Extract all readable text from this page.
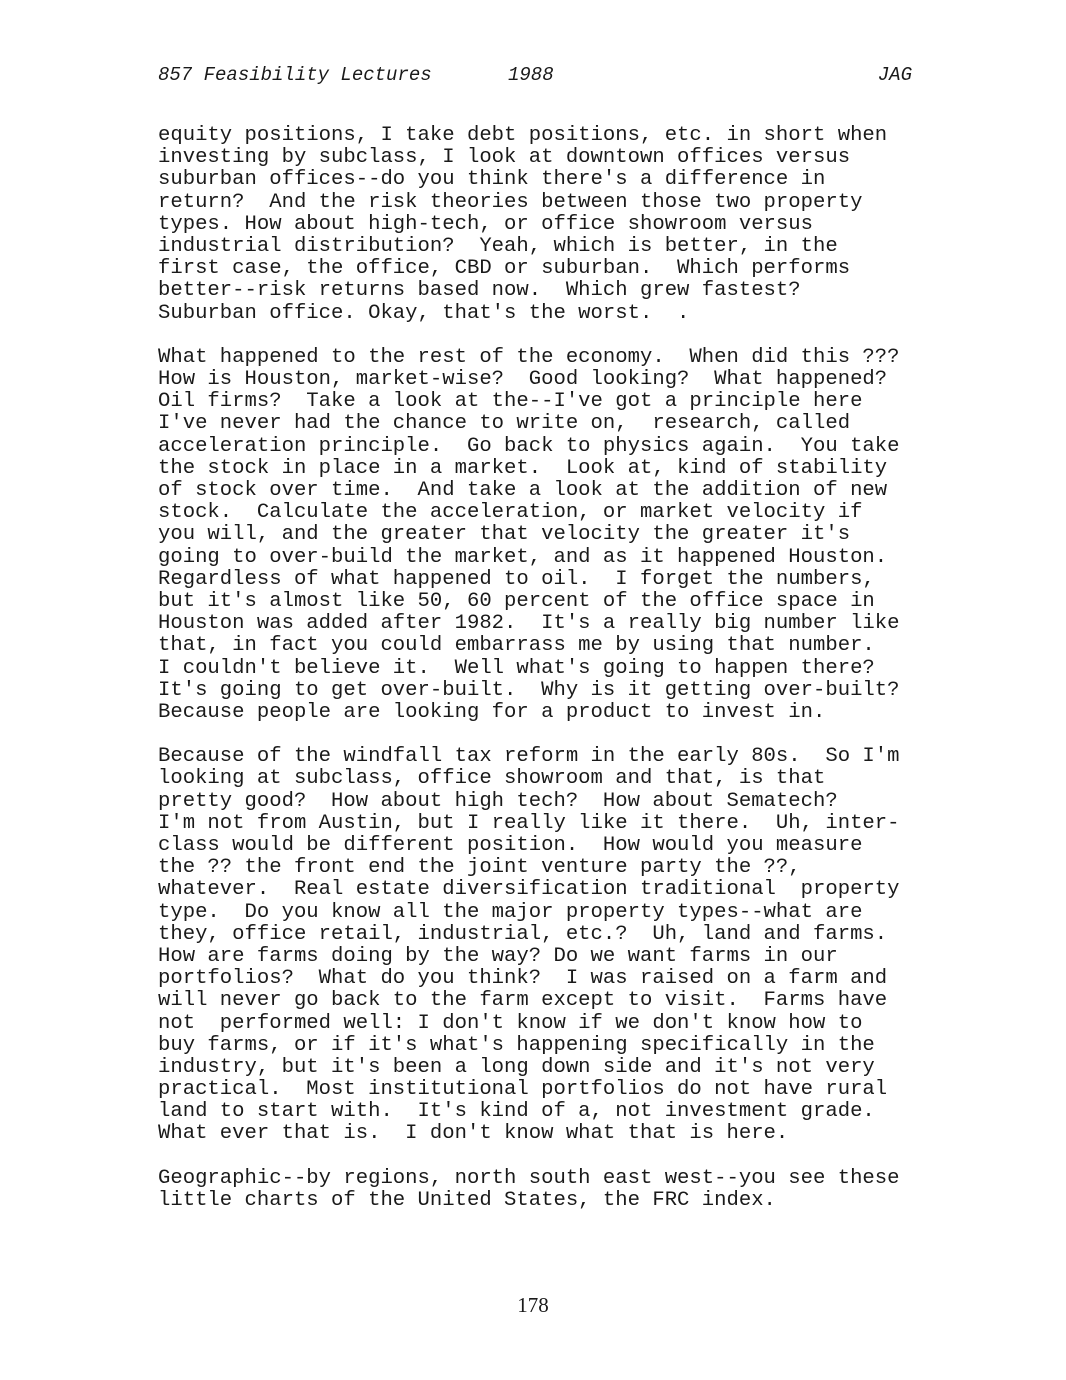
857 Feasibility Lectures	1988	JAG
equity positions, I take debt positions, etc. in short when
investing by subclass, I look at downtown offices versus
suburban offices--do you think there's a difference in
return?  And the risk theories between those two property
types. How about high-tech, or office showroom versus
industrial distribution?  Yeah, which is better, in the
first case, the office, CBD or suburban.  Which performs
better--risk returns based now.  Which grew fastest?
Suburban office. Okay, that's the worst.  .
What happened to the rest of the economy.  When did this ???
How is Houston, market-wise?  Good looking?  What happened?
Oil firms?  Take a look at the--I've got a principle here
I've never had the chance to write on,  research, called
acceleration principle.  Go back to physics again.  You take
the stock in place in a market.  Look at, kind of stability
of stock over time.  And take a look at the addition of new
stock.  Calculate the acceleration, or market velocity if
you will, and the greater that velocity the greater it's
going to over-build the market, and as it happened Houston.
Regardless of what happened to oil.  I forget the numbers,
but it's almost like 50, 60 percent of the office space in
Houston was added after 1982.  It's a really big number like
that, in fact you could embarrass me by using that number.
I couldn't believe it.  Well what's going to happen there?
It's going to get over-built.  Why is it getting over-built?
Because people are looking for a product to invest in.
Because of the windfall tax reform in the early 80s.  So I'm
looking at subclass, office showroom and that, is that
pretty good?  How about high tech?  How about Sematech?
I'm not from Austin, but I really like it there.  Uh, inter-
class would be different position.  How would you measure
the ?? the front end the joint venture party the ??,
whatever.  Real estate diversification traditional  property
type.  Do you know all the major property types--what are
they, office retail, industrial, etc.?  Uh, land and farms.
How are farms doing by the way? Do we want farms in our
portfolios?  What do you think?  I was raised on a farm and
will never go back to the farm except to visit.  Farms have
not  performed well: I don't know if we don't know how to
buy farms, or if it's what's happening specifically in the
industry, but it's been a long down side and it's not very
practical.  Most institutional portfolios do not have rural
land to start with.  It's kind of a, not investment grade.
What ever that is.  I don't know what that is here.
Geographic--by regions, north south east west--you see these
little charts of the United States, the FRC index.
178
